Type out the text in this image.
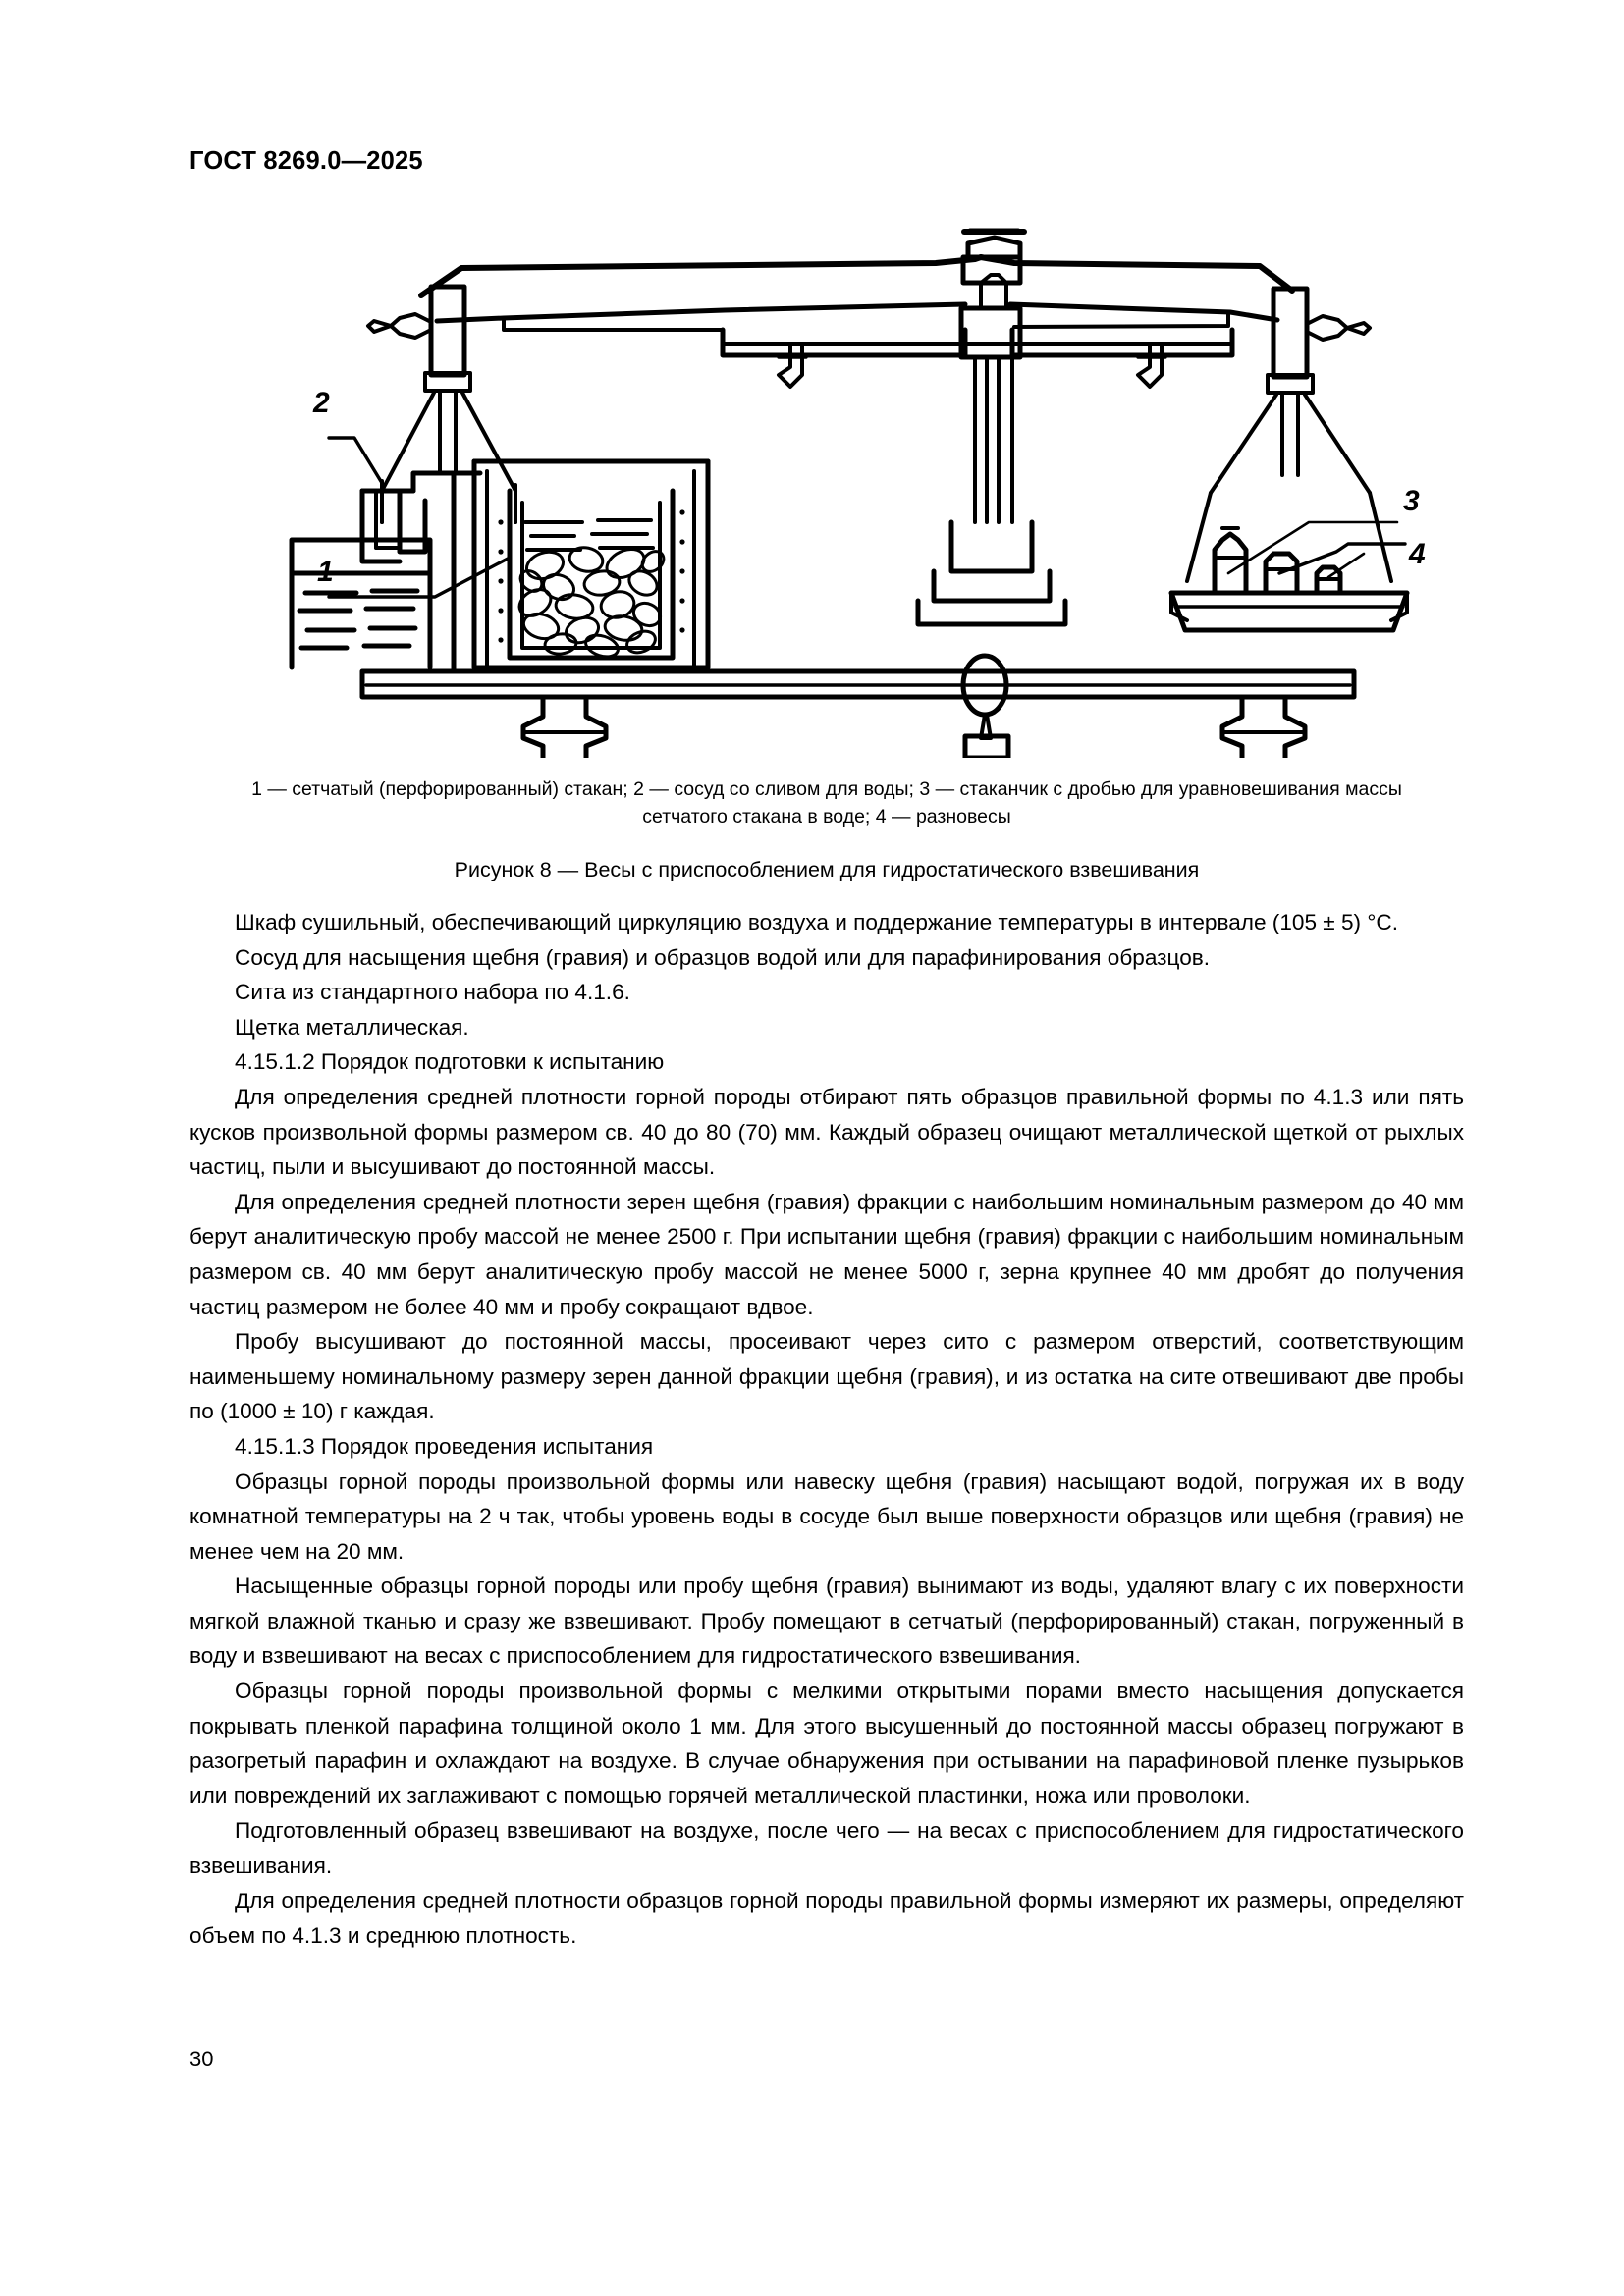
ГОСТ 8269.0—2025
2
1
3
4
1 — сетчатый (перфорированный) стакан; 2 — сосуд со сливом для воды; 3 — стаканчик с дробью для уравновешивания массы
сетчатого стакана в воде; 4 — разновесы
Рисунок 8 — Весы с приспособлением для гидростатического взвешивания

Шкаф сушильный, обеспечивающий циркуляцию воздуха и поддержание температуры в интервале (105 ± 5) °С.

Сосуд для насыщения щебня (гравия) и образцов водой или для парафинирования образцов.

Сита из стандартного набора по 4.1.6.

Щетка металлическая.

4.15.1.2 Порядок подготовки к испытанию

Для определения средней плотности горной породы отбирают пять образцов правильной формы по 4.1.3 или пять кусков произвольной формы размером св. 40 до 80 (70) мм. Каждый образец очищают металлической щеткой от рыхлых частиц, пыли и высушивают до постоянной массы.

Для определения средней плотности зерен щебня (гравия) фракции с наибольшим номинальным размером до 40 мм берут аналитическую пробу массой не менее 2500 г. При испытании щебня (гравия) фракции с наибольшим номинальным размером св. 40 мм берут аналитическую пробу массой не менее 5000 г, зерна крупнее 40 мм дробят до получения частиц размером не более 40 мм и пробу сокращают вдвое.

Пробу высушивают до постоянной массы, просеивают через сито с размером отверстий, соответствующим наименьшему номинальному размеру зерен данной фракции щебня (гравия), и из остатка на сите отвешивают две пробы по (1000 ± 10) г каждая.

4.15.1.3 Порядок проведения испытания

Образцы горной породы произвольной формы или навеску щебня (гравия) насыщают водой, погружая их в воду комнатной температуры на 2 ч так, чтобы уровень воды в сосуде был выше поверхности образцов или щебня (гравия) не менее чем на 20 мм.

Насыщенные образцы горной породы или пробу щебня (гравия) вынимают из воды, удаляют влагу с их поверхности мягкой влажной тканью и сразу же взвешивают. Пробу помещают в сетчатый (перфорированный) стакан, погруженный в воду и взвешивают на весах с приспособлением для гидростатического взвешивания.

Образцы горной породы произвольной формы с мелкими открытыми порами вместо насыщения допускается покрывать пленкой парафина толщиной около 1 мм. Для этого высушенный до постоянной массы образец погружают в разогретый парафин и охлаждают на воздухе. В случае обнаружения при остывании на парафиновой пленке пузырьков или повреждений их заглаживают с помощью горячей металлической пластинки, ножа или проволоки.

Подготовленный образец взвешивают на воздухе, после чего — на весах с приспособлением для гидростатического взвешивания.

Для определения средней плотности образцов горной породы правильной формы измеряют их размеры, определяют объем по 4.1.3 и среднюю плотность.

30
